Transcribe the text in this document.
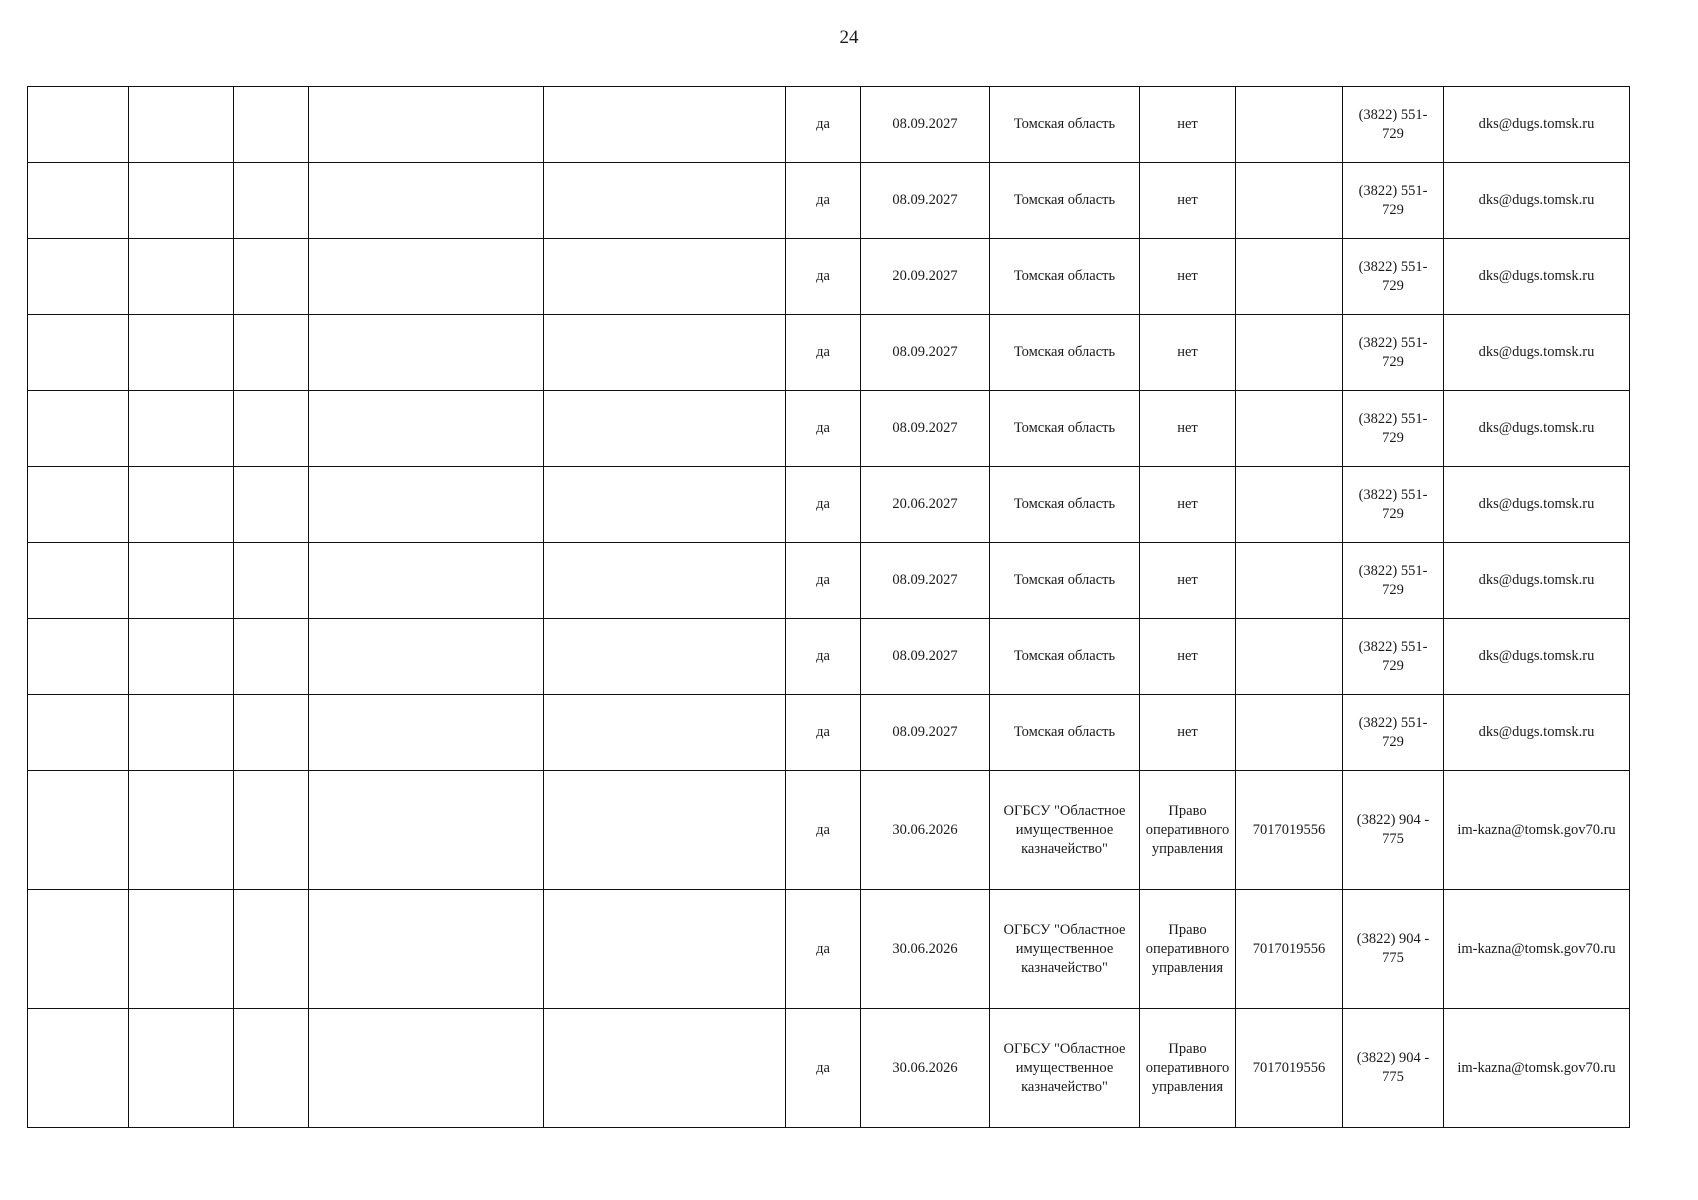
24
					да	08.09.2027	Томская область	нет		(3822) 551-
729	dks@dugs.tomsk.ru
					да	08.09.2027	Томская область	нет		(3822) 551-
729	dks@dugs.tomsk.ru
					да	20.09.2027	Томская область	нет		(3822) 551-
729	dks@dugs.tomsk.ru
					да	08.09.2027	Томская область	нет		(3822) 551-
729	dks@dugs.tomsk.ru
					да	08.09.2027	Томская область	нет		(3822) 551-
729	dks@dugs.tomsk.ru
					да	20.06.2027	Томская область	нет		(3822) 551-
729	dks@dugs.tomsk.ru
					да	08.09.2027	Томская область	нет		(3822) 551-
729	dks@dugs.tomsk.ru
					да	08.09.2027	Томская область	нет		(3822) 551-
729	dks@dugs.tomsk.ru
					да	08.09.2027	Томская область	нет		(3822) 551-
729	dks@dugs.tomsk.ru
					да	30.06.2026	ОГБСУ "Областное
имущественное
казначейство"	Право
оперативного
управления	7017019556	(3822) 904 -
775	im-kazna@tomsk.gov70.ru
					да	30.06.2026	ОГБСУ "Областное
имущественное
казначейство"	Право
оперативного
управления	7017019556	(3822) 904 -
775	im-kazna@tomsk.gov70.ru
					да	30.06.2026	ОГБСУ "Областное
имущественное
казначейство"	Право
оперативного
управления	7017019556	(3822) 904 -
775	im-kazna@tomsk.gov70.ru
